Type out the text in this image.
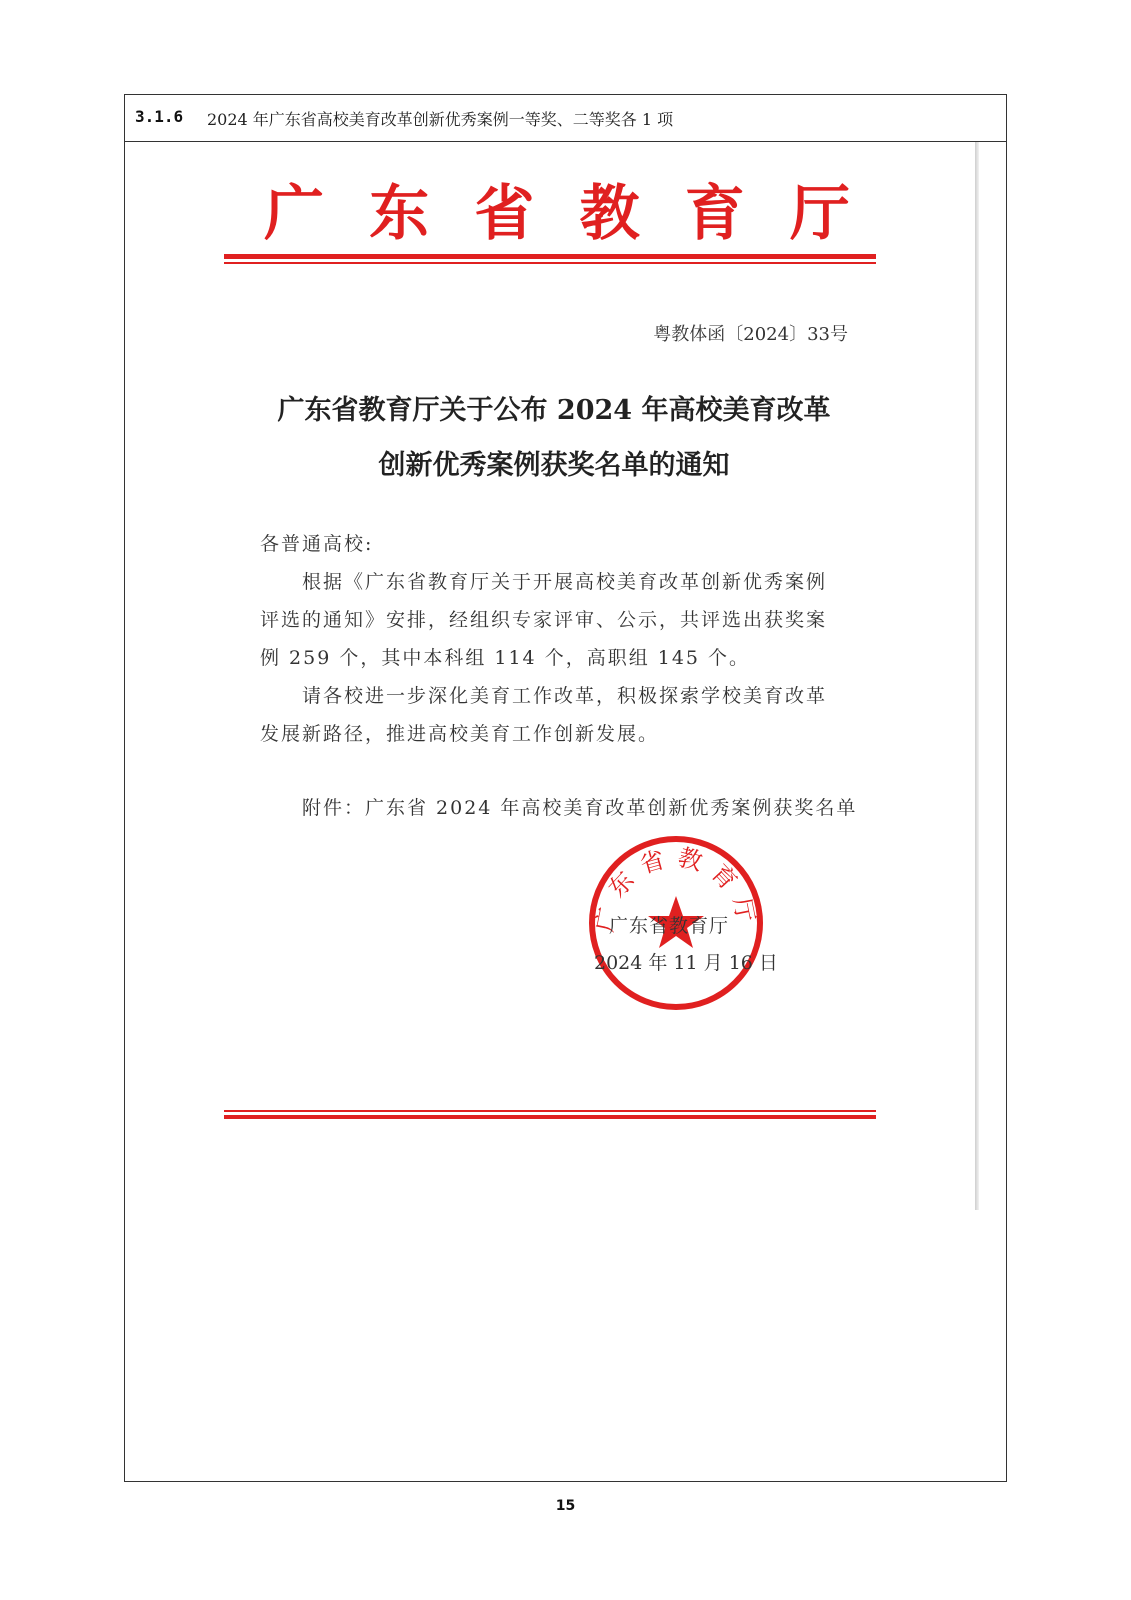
3.1.6 2024 年广东省高校美育改革创新优秀案例一等奖、二等奖各 1 项
广 东 省 教 育 厅
粤教体函〔2024〕33号
广东省教育厅关于公布 2024 年高校美育改革
创新优秀案例获奖名单的通知
各普通高校:
根据《广东省教育厅关于开展高校美育改革创新优秀案例
评选的通知》安排，经组织专家评审、公示，共评选出获奖案
例 259 个，其中本科组 114 个，高职组 145 个。
请各校进一步深化美育工作改革，积极探索学校美育改革
发展新路径，推进高校美育工作创新发展。
附件：广东省 2024 年高校美育改革创新优秀案例获奖名单
广东省教育厅
广东省教育厅
2024 年 11 月 16 日
15
